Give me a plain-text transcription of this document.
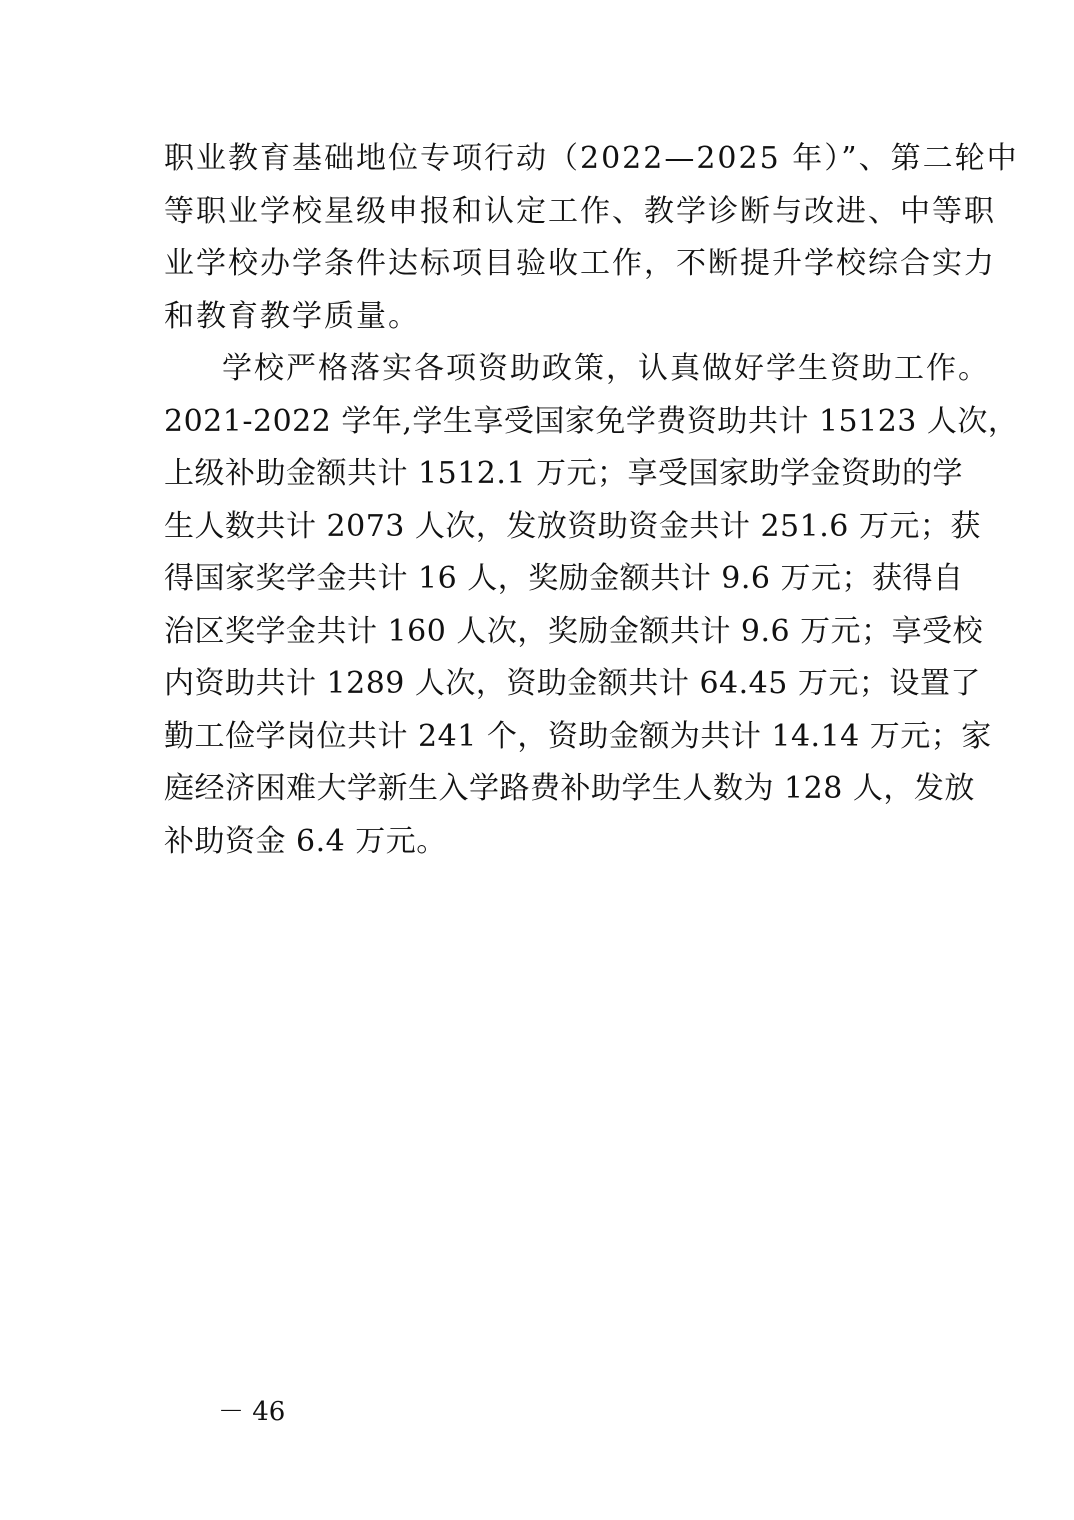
职业教育基础地位专项行动（2022—2025 年）”、第二轮中
等职业学校星级申报和认定工作、教学诊断与改进、中等职
业学校办学条件达标项目验收工作，不断提升学校综合实力
和教育教学质量。
学校严格落实各项资助政策，认真做好学生资助工作。
2021-2022 学年,学生享受国家免学费资助共计 15123 人次，
上级补助金额共计 1512.1 万元；享受国家助学金资助的学
生人数共计 2073 人次，发放资助资金共计 251.6 万元；获
得国家奖学金共计 16 人，奖励金额共计 9.6 万元；获得自
治区奖学金共计 160 人次，奖励金额共计 9.6 万元；享受校
内资助共计 1289 人次，资助金额共计 64.45 万元；设置了
勤工俭学岗位共计 241 个，资助金额为共计 14.14 万元；家
庭经济困难大学新生入学路费补助学生人数为 128 人，发放
补助资金 6.4 万元。
－ 46
